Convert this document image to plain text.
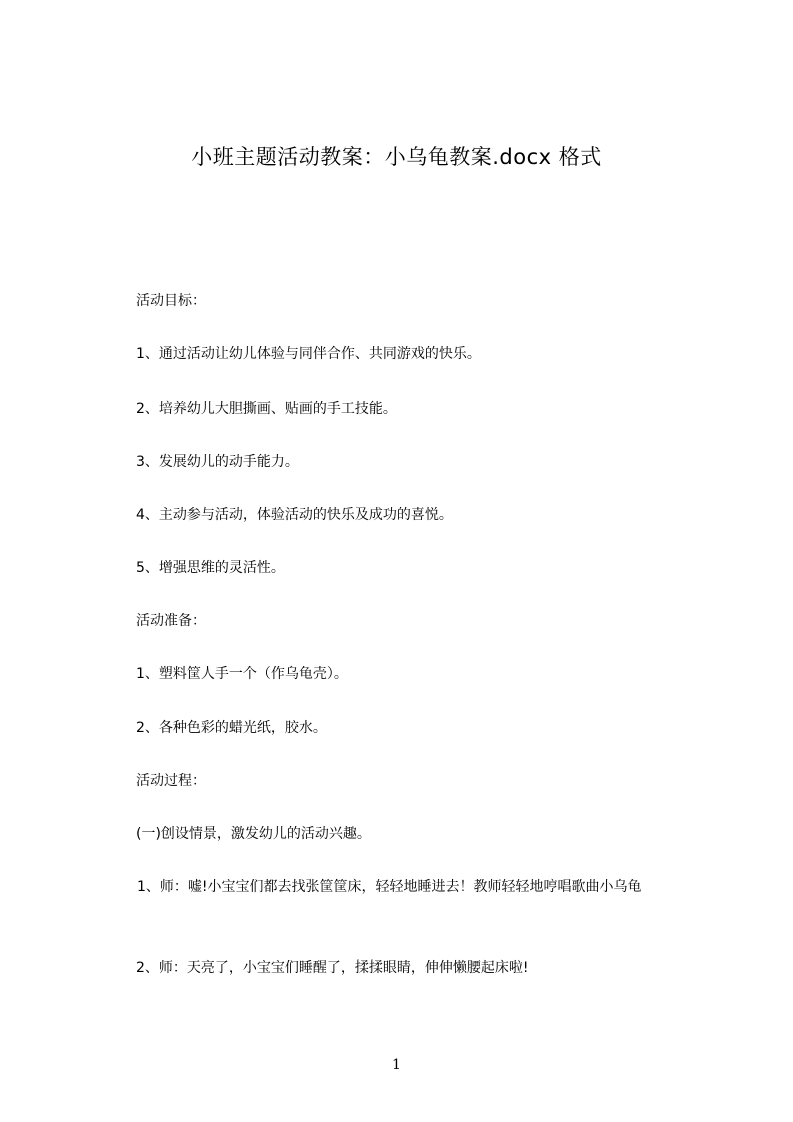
小班主题活动教案：小乌龟教案.docx 格式
活动目标：
1、通过活动让幼儿体验与同伴合作、共同游戏的快乐。
2、培养幼儿大胆撕画、贴画的手工技能。
3、发展幼儿的动手能力。
4、主动参与活动，体验活动的快乐及成功的喜悦。
5、增强思维的灵活性。
活动准备：
1、塑料筐人手一个（作乌龟壳）。
2、各种色彩的蜡光纸，胶水。
活动过程：
(一)创设情景，激发幼儿的活动兴趣。
1、师：嘘!小宝宝们都去找张筐筐床，轻轻地睡进去！教师轻轻地哼唱歌曲小乌龟
2、师：天亮了，小宝宝们睡醒了，揉揉眼睛，伸伸懒腰起床啦!
1
